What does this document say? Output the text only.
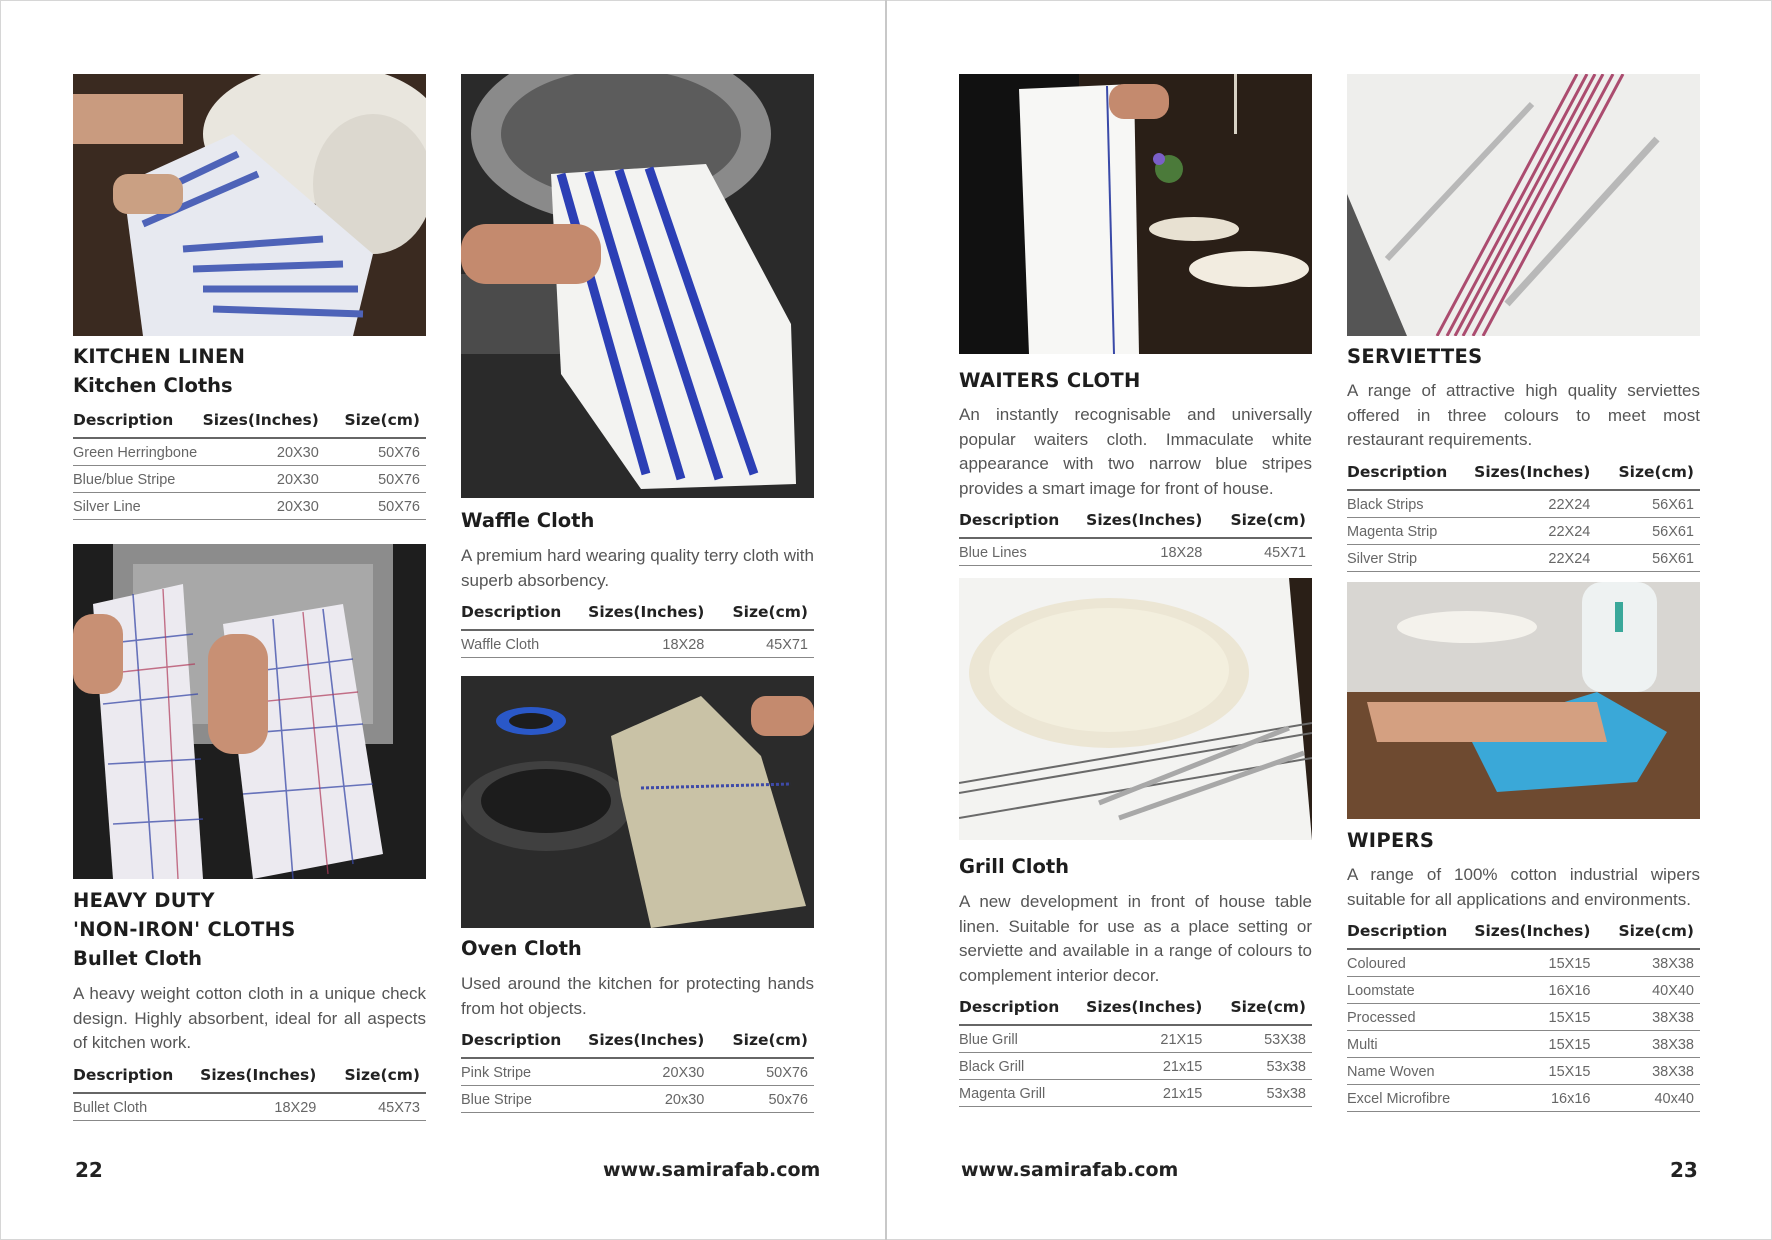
KITCHEN LINEN
Kitchen Cloths
Description	Sizes(Inches)	Size(cm)
Green Herringbone	20X30	50X76
Blue/blue Stripe	20X30	50X76
Silver Line	20X30	50X76
HEAVY DUTY
'NON-IRON' CLOTHS
Bullet Cloth

A heavy weight cotton cloth in a unique check design. Highly absorbent, ideal for all aspects of kitchen work.

Description	Sizes(Inches)	Size(cm)
Bullet Cloth	18X29	45X73
Waffle Cloth

A premium hard wearing quality terry cloth with superb absorbency.

Description	Sizes(Inches)	Size(cm)
Waffle Cloth	18X28	45X71
Oven Cloth

Used around the kitchen for protecting hands from hot objects.

Description	Sizes(Inches)	Size(cm)
Pink Stripe	20X30	50X76
Blue Stripe	20x30	50x76
22	www.samirafab.com
WAITERS CLOTH

An instantly recognisable and universally popular waiters cloth. Immaculate white appearance with two narrow blue stripes provides a smart image for front of house.

Description	Sizes(Inches)	Size(cm)
Blue Lines	18X28	45X71
Grill Cloth

A new development in front of house table linen. Suitable for use as a place setting or serviette and available in a range of colours to complement interior decor.

Description	Sizes(Inches)	Size(cm)
Blue Grill	21X15	53X38
Black Grill	21x15	53x38
Magenta Grill	21x15	53x38
SERVIETTES

A range of attractive high quality serviettes offered in three colours to meet most restaurant requirements.

Description	Sizes(Inches)	Size(cm)
Black Strips	22X24	56X61
Magenta Strip	22X24	56X61
Silver Strip	22X24	56X61
WIPERS

A range of 100% cotton industrial wipers suitable for all applications and environments.

Description	Sizes(Inches)	Size(cm)
Coloured	15X15	38X38
Loomstate	16X16	40X40
Processed	15X15	38X38
Multi	15X15	38X38
Name Woven	15X15	38X38
Excel Microfibre	16x16	40x40
www.samirafab.com	23
